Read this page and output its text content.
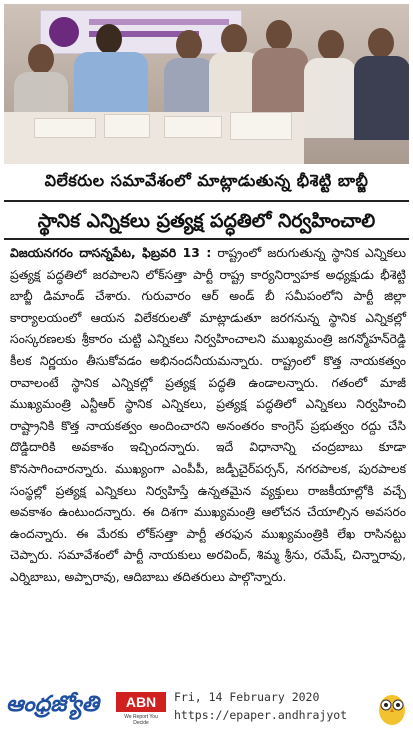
విలేకరుల సమావేశంలో మాట్లాడుతున్న భీశెట్టి బాబ్జీ
స్థానిక ఎన్నికలు ప్రత్యక్ష పద్ధతిలో నిర్వహించాలి
విజయనగరం దాసన్నపేట, ఫిబ్రవరి 13 : రాష్ట్రంలో జరుగుతున్న స్థానిక ఎన్నికలు ప్రత్యక్ష పద్ధతిలో జరపాలని లోక్‌సత్తా పార్టీ రాష్ట్ర కార్యనిర్వాహక అధ్యక్షుడు భీశెట్టి బాబ్జీ డిమాండ్‌ చేశారు. గురువారం ఆర్‌ అండ్‌ బీ సమీపంలోని పార్టీ జిల్లా కార్యాలయంలో ఆయన విలేకరులతో మాట్లాడుతూ జరగనున్న స్థానిక ఎన్నికల్లో సంస్కరణలకు శ్రీకారం చుట్టి ఎన్నికలు నిర్వహించాలని ముఖ్యమంత్రి జగన్మోహన్‌రెడ్డి కీలక నిర్ణయం తీసుకోవడం అభినందనీయమన్నారు. రాష్ట్రంలో కొత్త నాయకత్వం రావాలంటే స్థానిక ఎన్నికల్లో ప్రత్యక్ష పద్ధతి ఉండాలన్నారు. గతంలో మాజీ ముఖ్యమంత్రి ఎన్టీఆర్‌ స్థానిక ఎన్నికలు, ప్రత్యక్ష పద్ధతిలో ఎన్నికలు నిర్వహించి రాష్ట్రానికి కొత్త నాయకత్వం అందించారని అనంతరం కాంగ్రెస్‌ ప్రభుత్వం రద్దు చేసి దొడ్డిదారికి అవకాశం ఇచ్చిందన్నారు. ఇదే విధానాన్ని చంద్రబాబు కూడా కొనసాగించారన్నారు. ముఖ్యంగా ఎంపీపీ, జడ్పీచైర్‌పర్సన్‌, నగరపాలక, పురపాలక సంస్థల్లో ప్రత్యక్ష ఎన్నికలు నిర్వహిస్తే ఉన్నతమైన వ్యక్తులు రాజకీయాల్లోకి వచ్చే అవకాశం ఉంటుందన్నారు. ఈ దిశగా ముఖ్యమంత్రి ఆలోచన చేయాల్సిన అవసరం ఉందన్నారు. ఈ మేరకు లోక్‌సత్తా పార్టీ తరఫున ముఖ్యమంత్రికి లేఖ రాసినట్టు చెప్పారు. సమావేశంలో పార్టీ నాయకులు అరవింద్‌, శిమ్మ శ్రీను, రమేష్‌, చిన్నారావు, ఎర్నిబాబు, అప్పారావు, ఆదిబాబు తదితరులు పాల్గొన్నారు.
ఆంధ్రజ్యోతి	ABN
We Report You Decide
Fri, 14 February 2020
https://epaper.andhrajyot
